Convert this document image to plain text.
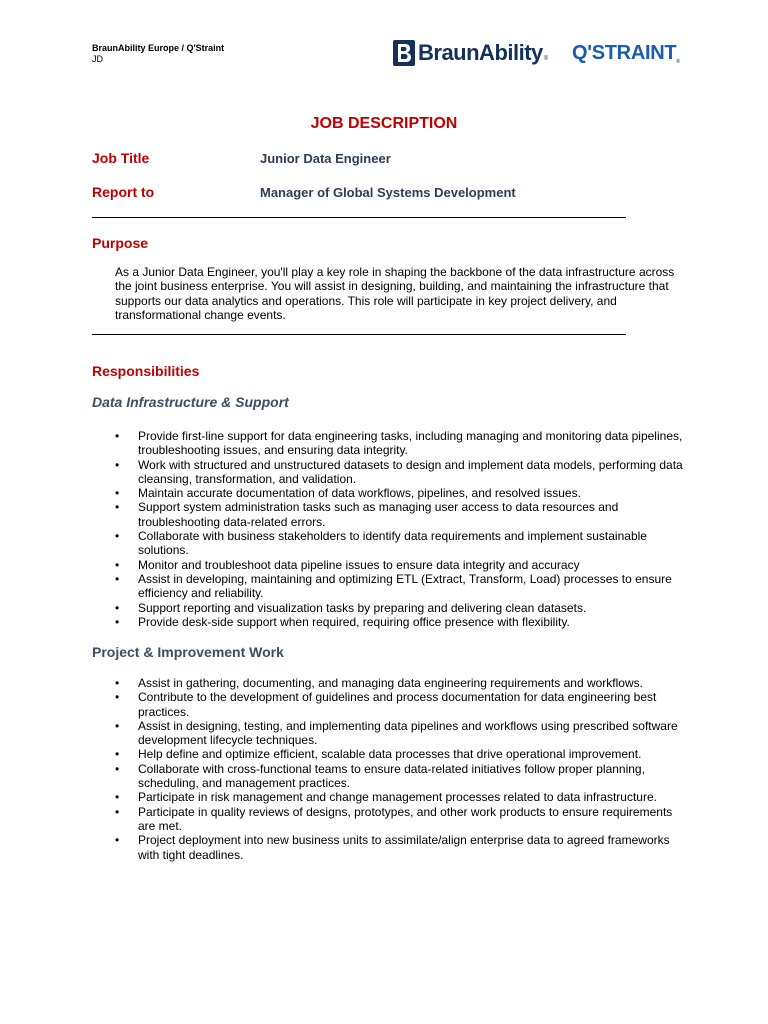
BraunAbility Europe / Q'Straint
JD	BraunAbility ® Q'STRAINT®
JOB DESCRIPTION
Job Title	Junior Data Engineer
Report to	Manager of Global Systems Development
Purpose
As a Junior Data Engineer, you'll play a key role in shaping the backbone of the data infrastructure across the joint business enterprise. You will assist in designing, building, and maintaining the infrastructure that supports our data analytics and operations. This role will participate in key project delivery, and transformational change events.
Responsibilities
Data Infrastructure & Support
• Provide first-line support for data engineering tasks, including managing and monitoring data pipelines, troubleshooting issues, and ensuring data integrity.
• Work with structured and unstructured datasets to design and implement data models, performing data cleansing, transformation, and validation.
• Maintain accurate documentation of data workflows, pipelines, and resolved issues.
• Support system administration tasks such as managing user access to data resources and troubleshooting data-related errors.
• Collaborate with business stakeholders to identify data requirements and implement sustainable solutions.
• Monitor and troubleshoot data pipeline issues to ensure data integrity and accuracy
• Assist in developing, maintaining and optimizing ETL (Extract, Transform, Load) processes to ensure efficiency and reliability.
• Support reporting and visualization tasks by preparing and delivering clean datasets.
• Provide desk-side support when required, requiring office presence with flexibility.
Project & Improvement Work
• Assist in gathering, documenting, and managing data engineering requirements and workflows.
• Contribute to the development of guidelines and process documentation for data engineering best practices.
• Assist in designing, testing, and implementing data pipelines and workflows using prescribed software development lifecycle techniques.
• Help define and optimize efficient, scalable data processes that drive operational improvement.
• Collaborate with cross-functional teams to ensure data-related initiatives follow proper planning, scheduling, and management practices.
• Participate in risk management and change management processes related to data infrastructure.
• Participate in quality reviews of designs, prototypes, and other work products to ensure requirements are met.
• Project deployment into new business units to assimilate/align enterprise data to agreed frameworks with tight deadlines.
